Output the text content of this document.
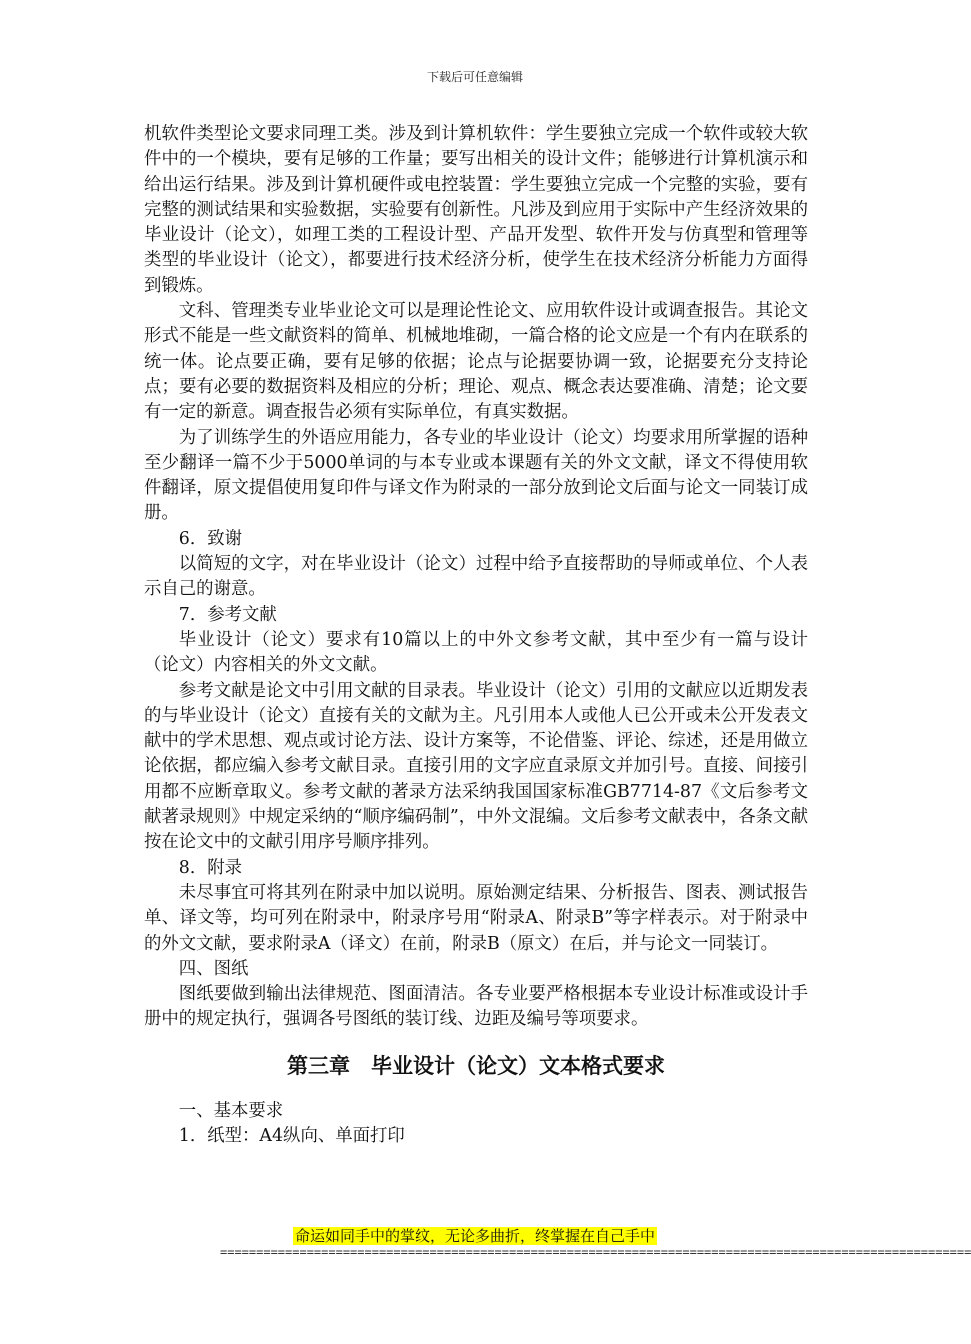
下载后可任意编辑

机软件类型论文要求同理工类。涉及到计算机软件：学生要独立完成一个软件或较大软件中的一个模块，要有足够的工作量；要写出相关的设计文件；能够进行计算机演示和给出运行结果。涉及到计算机硬件或电控装置：学生要独立完成一个完整的实验，要有完整的测试结果和实验数据，实验要有创新性。凡涉及到应用于实际中产生经济效果的毕业设计（论文），如理工类的工程设计型、产品开发型、软件开发与仿真型和管理等类型的毕业设计（论文），都要进行技术经济分析，使学生在技术经济分析能力方面得到锻炼。

文科、管理类专业毕业论文可以是理论性论文、应用软件设计或调查报告。其论文形式不能是一些文献资料的简单、机械地堆砌，一篇合格的论文应是一个有内在联系的统一体。论点要正确，要有足够的依据；论点与论据要协调一致，论据要充分支持论点；要有必要的数据资料及相应的分析；理论、观点、概念表达要准确、清楚；论文要有一定的新意。调查报告必须有实际单位，有真实数据。

为了训练学生的外语应用能力，各专业的毕业设计（论文）均要求用所掌握的语种至少翻译一篇不少于5000单词的与本专业或本课题有关的外文文献，译文不得使用软件翻译，原文提倡使用复印件与译文作为附录的一部分放到论文后面与论文一同装订成册。

6．致谢

以简短的文字，对在毕业设计（论文）过程中给予直接帮助的导师或单位、个人表示自己的谢意。

7．参考文献

毕业设计（论文）要求有10篇以上的中外文参考文献，其中至少有一篇与设计（论文）内容相关的外文文献。

参考文献是论文中引用文献的目录表。毕业设计（论文）引用的文献应以近期发表的与毕业设计（论文）直接有关的文献为主。凡引用本人或他人已公开或未公开发表文献中的学术思想、观点或讨论方法、设计方案等，不论借鉴、评论、综述，还是用做立论依据，都应编入参考文献目录。直接引用的文字应直录原文并加引号。直接、间接引用都不应断章取义。参考文献的著录方法采纳我国国家标准GB7714-87《文后参考文献著录规则》中规定采纳的“顺序编码制”，中外文混编。文后参考文献表中，各条文献按在论文中的文献引用序号顺序排列。

8．附录

未尽事宜可将其列在附录中加以说明。原始测定结果、分析报告、图表、测试报告单、译文等，均可列在附录中，附录序号用“附录A、附录B”等字样表示。对于附录中的外文文献，要求附录A（译文）在前，附录B（原文）在后，并与论文一同装订。

四、图纸

图纸要做到输出法律规范、图面清洁。各专业要严格根据本专业设计标准或设计手册中的规定执行，强调各号图纸的装订线、边距及编号等项要求。

第三章　毕业设计（论文）文本格式要求

一、基本要求

1．纸型：A4纵向、单面打印

命运如同手中的掌纹，无论多曲折，终掌握在自己手中
========================================================================================================
